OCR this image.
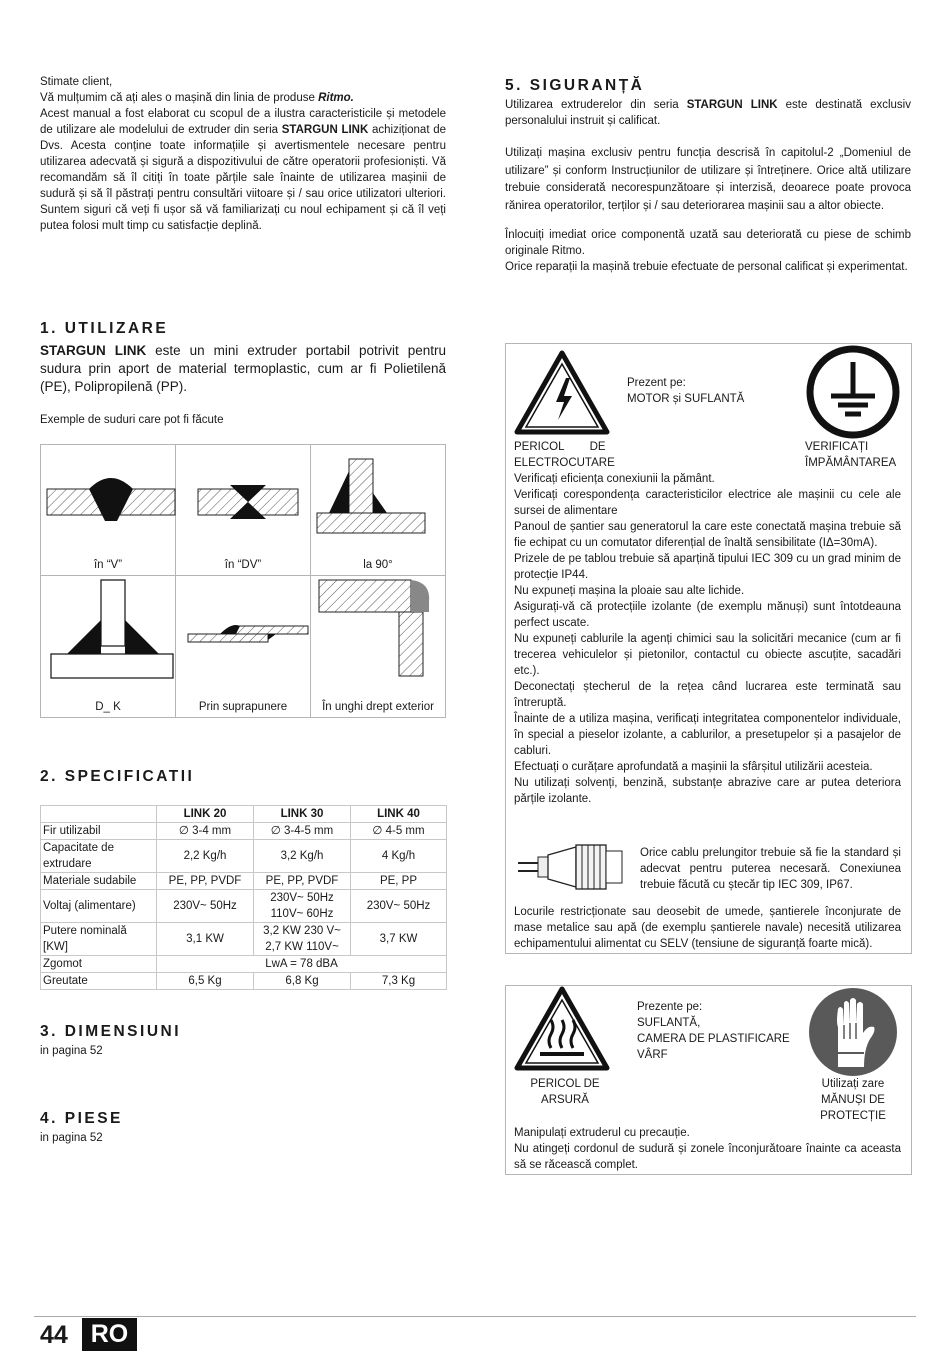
Stimate client,

Vă mulțumim că ați ales o mașină din linia de produse Ritmo.

Acest manual a fost elaborat cu scopul de a ilustra caracteristicile și metodele de utilizare ale modelului de extruder din seria STARGUN LINK achiziționat de Dvs. Acesta conține toate informațiile și avertismentele necesare pentru utilizarea adecvată și sigură a dispozitivului de către operatorii profesioniști. Vă recomandăm să îl citiți în toate părțile sale înainte de utilizarea mașinii de sudură și să îl păstrați pentru consultări viitoare și / sau orice utilizatori ulteriori. Suntem siguri că veți fi ușor să vă familiarizați cu noul echipament și că îl veți putea folosi mult timp cu satisfacție deplină.

1. UTILIZARE

STARGUN LINK este un mini extruder portabil potrivit pentru sudura prin aport de material termoplastic, cum ar fi Polietilenă (PE), Polipropilenă (PP).

Exemple de suduri care pot fi făcute

în “V”	în “DV”	la 90°

D_ K	Prin suprapunere	În unghi drept exterior
2. SPECIFICATII
	LINK 20	LINK 30	LINK 40
Fir utilizabil	∅ 3-4 mm	∅ 3-4-5 mm	∅ 4-5 mm
Capacitate de extrudare	2,2 Kg/h	3,2 Kg/h	4 Kg/h
Materiale sudabile	PE, PP, PVDF	PE, PP, PVDF	PE, PP
Voltaj (alimentare)	230V~ 50Hz	230V~ 50Hz 110V~ 60Hz	230V~ 50Hz
Putere nominală [KW]	3,1 KW	3,2 KW 230 V~ 2,7 KW 110V~	3,7 KW
Zgomot	LwA = 78 dBA		
Greutate	6,5 Kg	6,8 Kg	7,3 Kg
3. DIMENSIUNI

in pagina 52

4. PIESE

in pagina 52

5. SIGURANȚĂ

Utilizarea extruderelor din seria STARGUN LINK este destinată exclusiv personalului instruit și calificat.

Utilizați mașina exclusiv pentru funcția descrisă în capitolul-2 „Domeniul de utilizare” și conform Instrucțiunilor de utilizare și întreținere. Orice altă utilizare trebuie considerată necorespunzătoare și interzisă, deoarece poate provoca rănirea operatorilor, terților și / sau deteriorarea mașinii sau a altor obiecte.

Înlocuiți imediat orice componentă uzată sau deteriorată cu piese de schimb originale Ritmo.

Orice reparații la mașină trebuie efectuate de personal calificat și experimentat.

Prezent pe:

MOTOR și SUFLANTĂ

PERICOL        DE

ELECTROCUTARE

VERIFICAȚI

ÎMPĂMÂNTAREA

Verificați eficiența conexiunii la pământ.
Verificați corespondența caracteristicilor electrice ale mașinii cu cele ale sursei de alimentare
Panoul de șantier sau generatorul la care este conectată mașina trebuie să fie echipat cu un comutator diferențial de înaltă sensibilitate (IΔ=30mA).
Prizele de pe tablou trebuie să aparțină tipului IEC 309 cu un grad minim de protecție IP44.
Nu expuneți mașina la ploaie sau alte lichide.
Asigurați-vă că protecțiile izolante (de exemplu mănuși) sunt întotdeauna perfect uscate.
Nu expuneți cablurile la agenți chimici sau la solicitări mecanice (cum ar fi trecerea vehiculelor și pietonilor, contactul cu obiecte ascuțite, sacadări etc.).
Deconectați ștecherul de la rețea când lucrarea este terminată sau întreruptă.
Înainte de a utiliza mașina, verificați integritatea componentelor individuale, în special a pieselor izolante, a cablurilor, a presetupelor și a pasajelor de cabluri.
Efectuați o curățare aprofundată a mașinii la sfârșitul utilizării acesteia.
Nu utilizați solvenți, benzină, substanțe abrazive care ar putea deteriora părțile izolante.

Orice cablu prelungitor trebuie să fie la standard și adecvat pentru puterea necesară. Conexiunea trebuie făcută cu ștecăr tip IEC 309, IP67.

Locurile restricționate sau deosebit de umede, șantierele înconjurate de mase metalice sau apă (de exemplu șantierele navale) necesită utilizarea echipamentului alimentat cu SELV (tensiune de siguranță foarte mică).

Prezente pe:

SUFLANTĂ,

CAMERA DE PLASTIFICARE

VÂRF

PERICOL DE ARSURĂ

Utilizați zare

MĂNUȘI DE PROTECȚIE

Manipulați extruderul cu precauție.
Nu atingeți cordonul de sudură și zonele înconjurătoare înainte ca aceasta să se răcească complet.

44 RO
